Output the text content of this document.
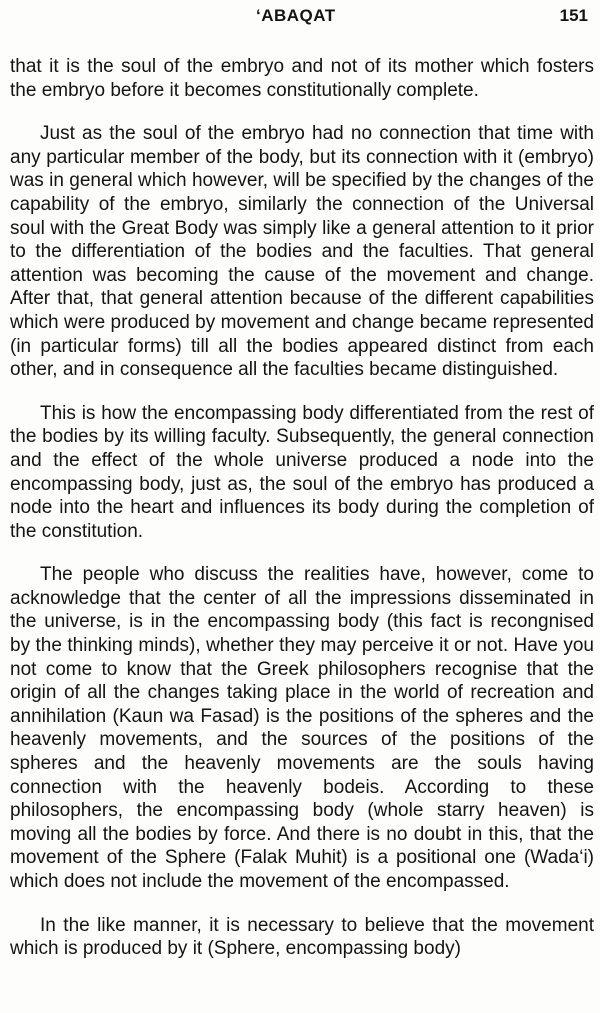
‘ABAQAT	151

that it is the soul of the embryo and not of its mother which fosters the embryo before it becomes constitutionally complete.

Just as the soul of the embryo had no connection that time with any particular member of the body, but its connection with it (embryo) was in general which however, will be specified by the changes of the capability of the embryo, similarly the connection of the Universal soul with the Great Body was simply like a general attention to it prior to the differentiation of the bodies and the faculties. That general attention was becoming the cause of the movement and change. After that, that general attention because of the different capabilities which were produced by movement and change became represented (in particular forms) till all the bodies appeared distinct from each other, and in consequence all the faculties became distinguished.

This is how the encompassing body differentiated from the rest of the bodies by its willing faculty. Subsequently, the general connection and the effect of the whole universe produced a node into the encompassing body, just as, the soul of the embryo has produced a node into the heart and influences its body during the completion of the constitution.

The people who discuss the realities have, however, come to acknowledge that the center of all the impressions disseminated in the universe, is in the encompassing body (this fact is recongnised by the thinking minds), whether they may perceive it or not. Have you not come to know that the Greek philosophers recognise that the origin of all the changes taking place in the world of recreation and annihilation (Kaun wa Fasad) is the positions of the spheres and the heavenly movements, and the sources of the positions of the spheres and the heavenly movements are the souls having connection with the heavenly bodeis. According to these philosophers, the encompassing body (whole starry heaven) is moving all the bodies by force. And there is no doubt in this, that the movement of the Sphere (Falak Muhit) is a positional one (Wada‘i) which does not include the movement of the encompassed.

In the like manner, it is necessary to believe that the movement which is produced by it (Sphere, encompassing body)
